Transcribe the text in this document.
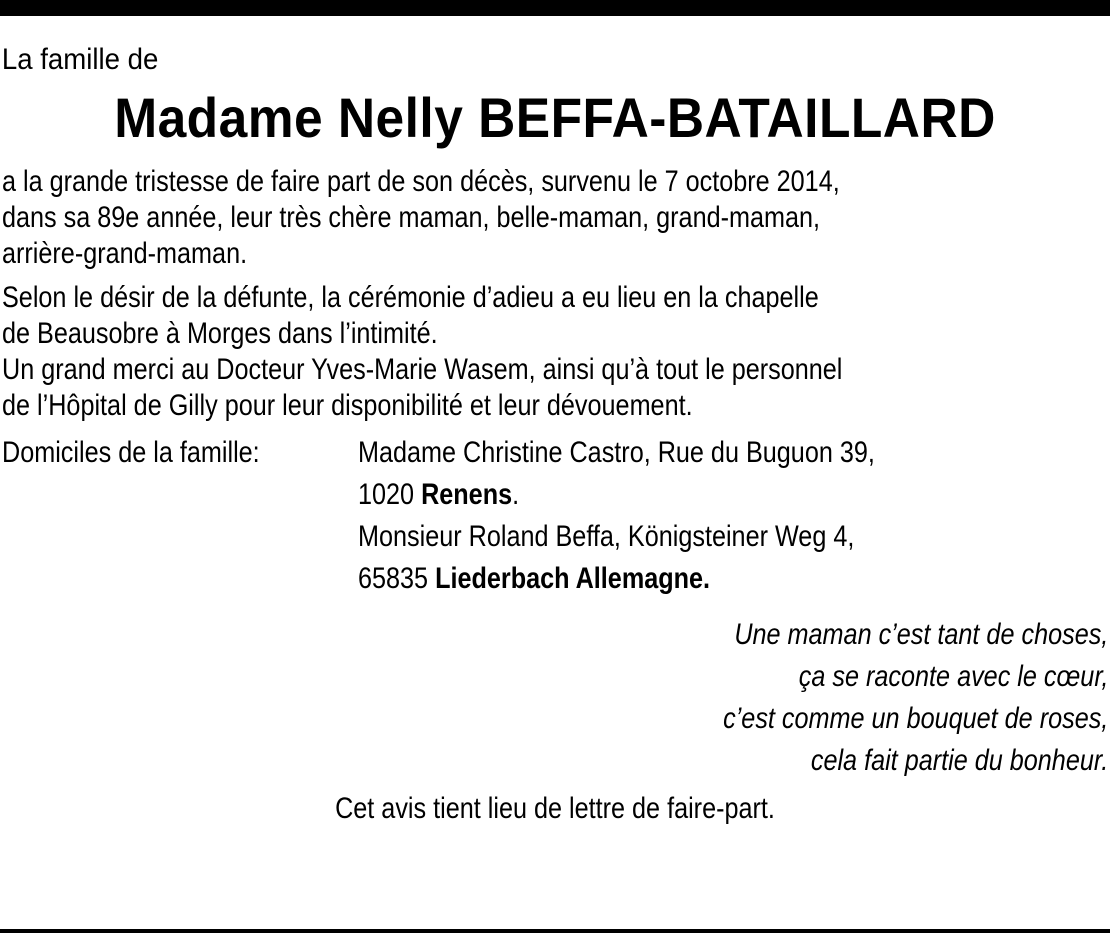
La famille de

Madame Nelly BEFFA-BATAILLARD

a la grande tristesse de faire part de son décès, survenu le 7 octobre 2014,
dans sa 89e année, leur très chère maman, belle-maman, grand-maman,
arrière-grand-maman.

Selon le désir de la défunte, la cérémonie d’adieu a eu lieu en la chapelle
de Beausobre à Morges dans l’intimité.

Un grand merci au Docteur Yves-Marie Wasem, ainsi qu’à tout le personnel
de l’Hôpital de Gilly pour leur disponibilité et leur dévouement.

Domiciles de la famille:	Madame Christine Castro, Rue du Buguon 39,
1020 Renens.
Monsieur Roland Beffa, Königsteiner Weg 4,
65835 Liederbach Allemagne.
Une maman c’est tant de choses,
ça se raconte avec le cœur,
c’est comme un bouquet de roses,
cela fait partie du bonheur.

Cet avis tient lieu de lettre de faire-part.
